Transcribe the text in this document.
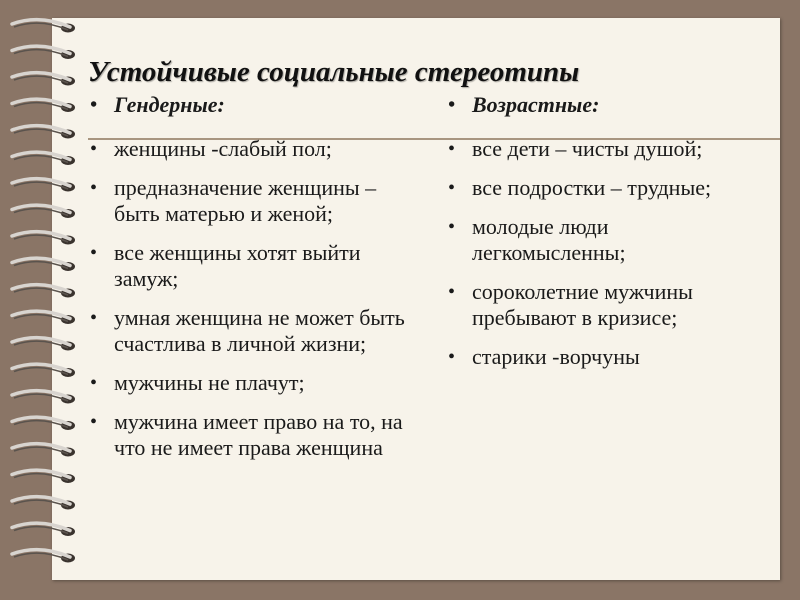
Устойчивые социальные стереотипы
• Гендерные:
• женщины -слабый пол;
• предназначение женщины – быть матерью и женой;
• все женщины хотят выйти замуж;
• умная женщина не может быть счастлива в личной жизни;
• мужчины не плачут;
• мужчина имеет право на то, на что не имеет права женщина
• Возрастные:
• все дети – чисты душой;
• все подростки – трудные;
• молодые люди легкомысленны;
• сороколетние мужчины пребывают в кризисе;
• старики -ворчуны
